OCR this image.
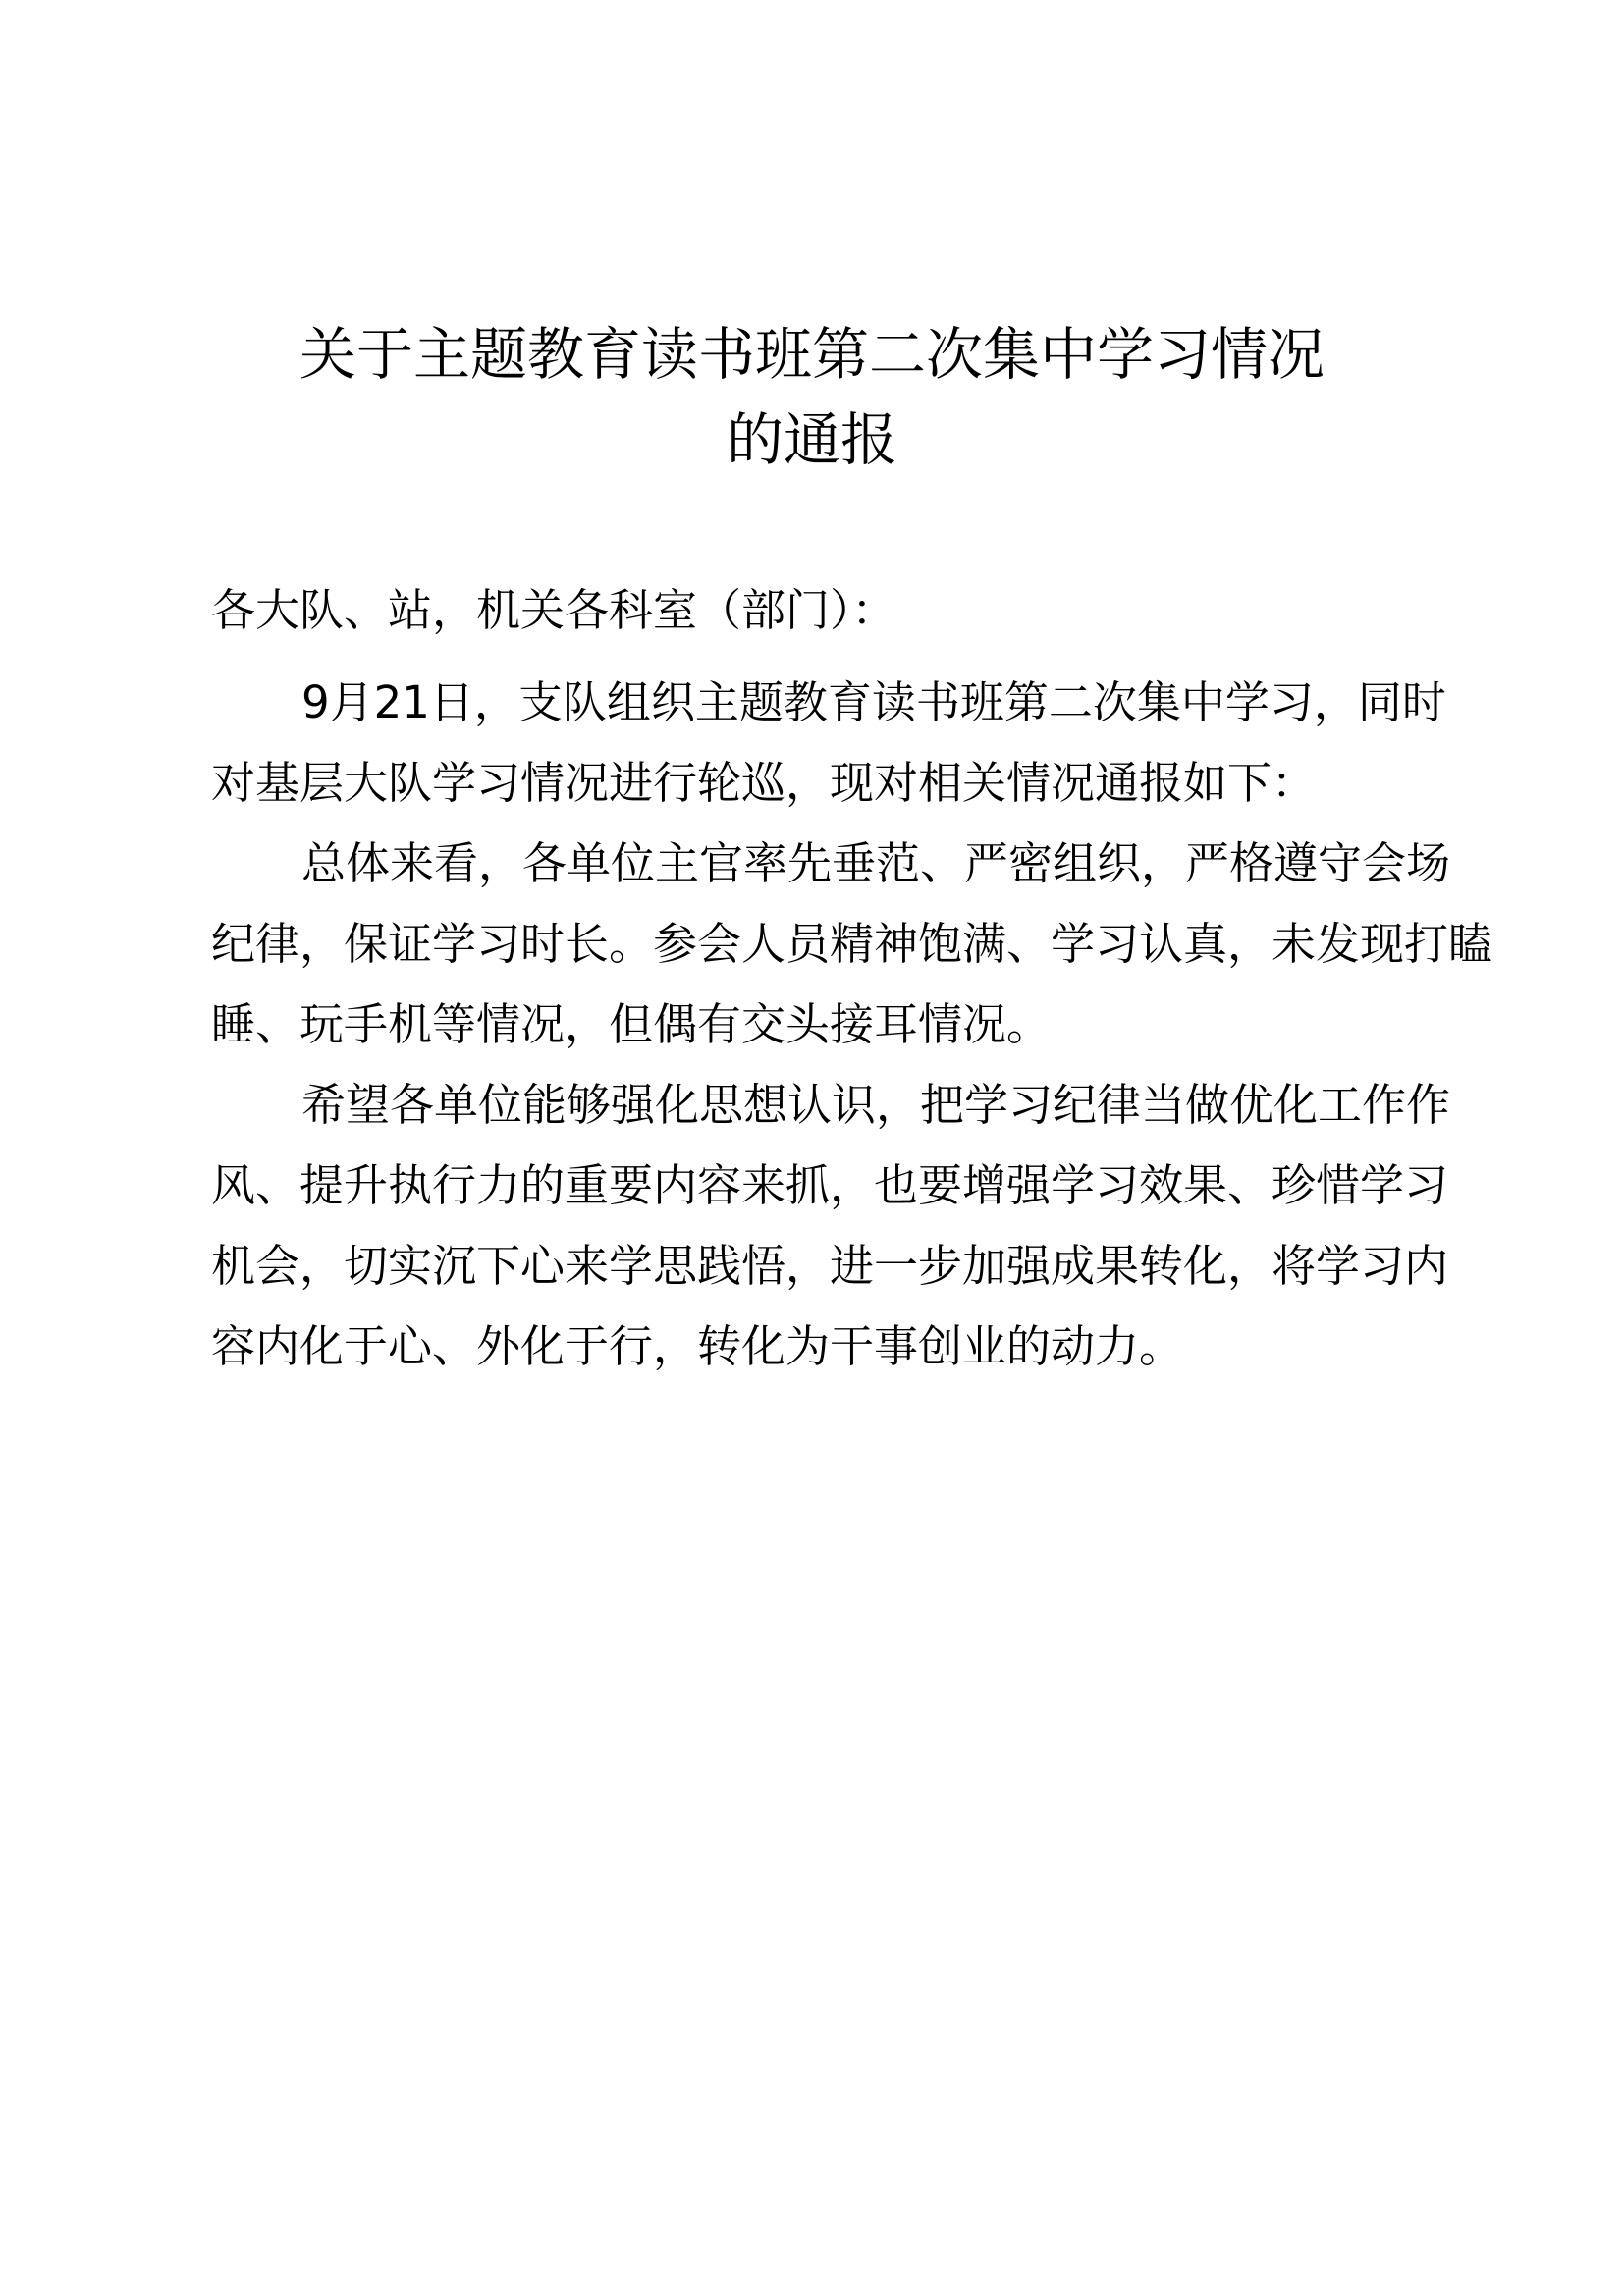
关于主题教育读书班第二次集中学习情况
的通报
各大队、站，机关各科室（部门）：
9月21日，支队组织主题教育读书班第二次集中学习，同时
对基层大队学习情况进行轮巡，现对相关情况通报如下：
总体来看，各单位主官率先垂范、严密组织，严格遵守会场
纪律，保证学习时长。参会人员精神饱满、学习认真，未发现打瞌
睡、玩手机等情况，但偶有交头接耳情况。
希望各单位能够强化思想认识，把学习纪律当做优化工作作
风、提升执行力的重要内容来抓，也要增强学习效果、珍惜学习
机会，切实沉下心来学思践悟，进一步加强成果转化，将学习内
容内化于心、外化于行，转化为干事创业的动力。
